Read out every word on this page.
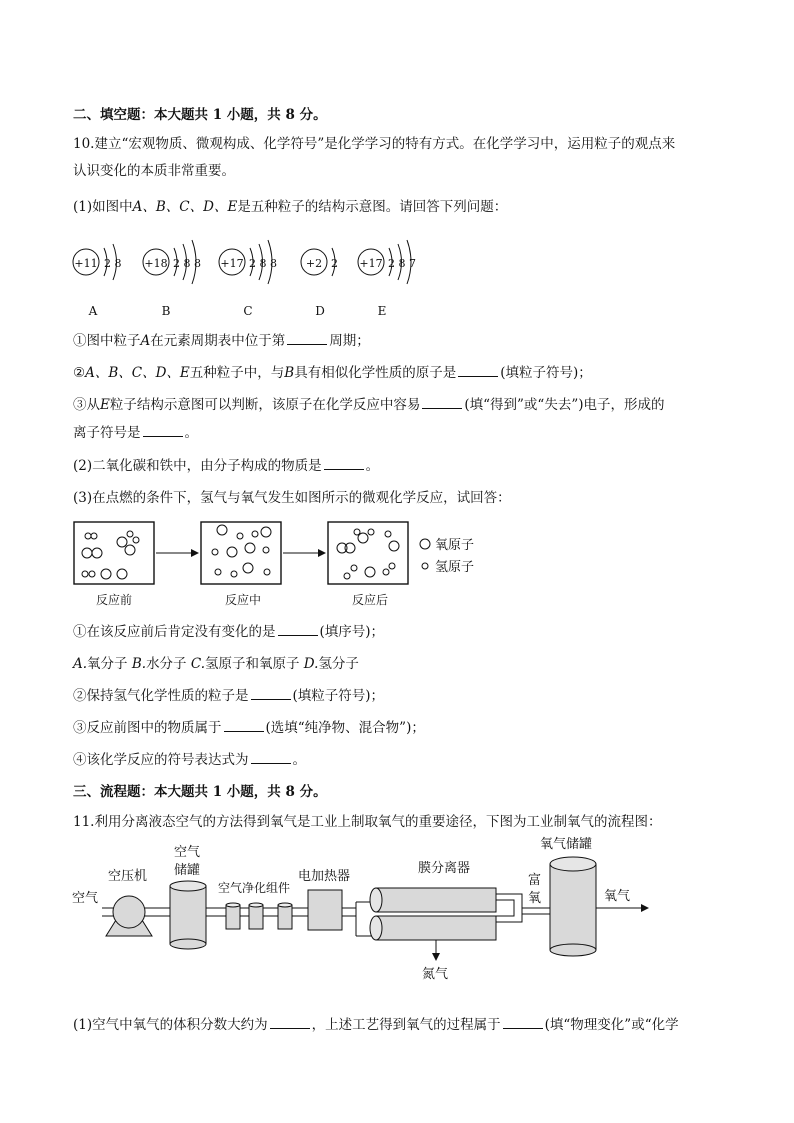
二、填空题：本大题共 1 小题，共 8 分。
10.建立“宏观物质、微观构成、化学符号”是化学学习的特有方式。在化学学习中，运用粒子的观点来
认识变化的本质非常重要。
(1)如图中A、B、C、D、E是五种粒子的结构示意图。请回答下列问题：
+11 2 8
A
+18 2 8 8
B
+17 2 8 8
C
+2 2
D
+17 2 8 7
E
①图中粒子A在元素周期表中位于第	周期；
②A、B、C、D、E五种粒子中，与B具有相似化学性质的原子是	(填粒子符号)；
③从E粒子结构示意图可以判断，该原子在化学反应中容易	(填“得到”或“失去”)电子，形成的
离子符号是	。
(2)二氧化碳和铁中，由分子构成的物质是	。
(3)在点燃的条件下，氢气与氧气发生如图所示的微观化学反应，试回答：
反应前	反应中	反应后
氧原子
氢原子
①在该反应前后肯定没有变化的是	(填序号)；
A.氧分子 B.水分子 C.氢原子和氧原子 D.氢分子
②保持氢气化学性质的粒子是	(填粒子符号)；
③反应前图中的物质属于	(选填“纯净物、混合物”)；
④该化学反应的符号表达式为	。
三、流程题：本大题共 1 小题，共 8 分。
11.利用分离液态空气的方法得到氧气是工业上制取氧气的重要途径，下图为工业制氧气的流程图：
空气
空压机
空气
储罐
空气净化组件
电加热器
膜分离器
氮气
富
氧
氧气储罐
氧气
(1)空气中氧气的体积分数大约为	，上述工艺得到氧气的过程属于	(填“物理变化”或“化学
